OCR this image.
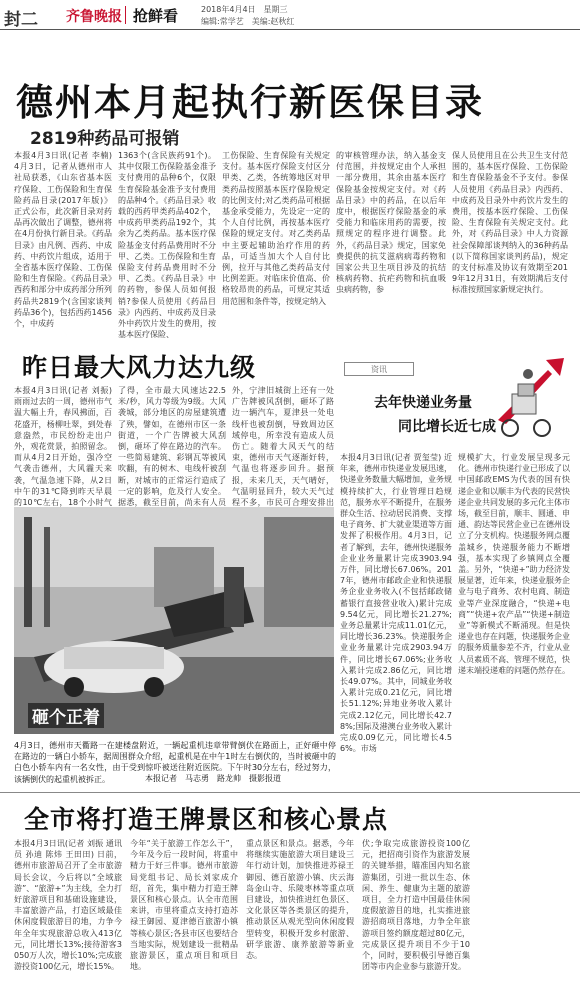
封二 齐鲁晚报 抢鲜看	2018年4月4日　星期三
编辑:常学艺　美编:赵秋红
德州本月起执行新医保目录
2819种药品可报销
本报4月3日讯(记者 李楠) 4月3日，记者从德州市人社局获悉，《山东省基本医疗保险、工伤保险和生育保险药品目录(2017年版)》正式公布，此次新目录对药品再次做出了调整，德州将在4月份执行新目录。《药品目录》由凡例、西药、中成药、中药饮片组成，适用于全省基本医疗保险、工伤保险和生育保险。《药品目录》西药和部分中成药部分所列药品共2819个(含国家谈判药品36个)，包括西药1456个，中成药
1363个(含民族药91个)。其中仅限工伤保险基金准予支付费用的品种6个，仅限生育保险基金准予支付费用的品种4个。《药品目录》收载的西药甲类药品402个，中成药甲类药品192个，其余为乙类药品。基本医疗保险基金支付药品费用时不分甲、乙类。工伤保险和生育保险支付药品费用时不分甲、乙类。《药品目录》中的药物，参保人员如何报销?参保人员使用《药品目录》内西药、中成药及目录外中药饮片发生的费用，按基本医疗保险、
工伤保险、生育保险有关规定支付。基本医疗保险支付区分甲类、乙类，各统筹地区对甲类药品按照基本医疗保险规定的比例支付;对乙类药品可根据基金承受能力，先设定一定的个人自付比例，再按基本医疗保险的规定支付。对乙类药品中主要起辅助治疗作用的药品，可适当加大个人自付比例，拉开与其他乙类药品支付比例差距。对临床价值高、价格较昂贵的药品，可规定其适用范围和条件等，按规定纳入
的审核管理办法，纳入基金支付范围，并按规定由个人承担一部分费用，其余由基本医疗保险基金按规定支付。对《药品目录》中的药品，在以后年度中，根据医疗保险基金的承受能力和临床用药的需要，按照规定的程序进行调整。此外，《药品目录》规定，国家免费提供的抗艾滋病病毒药物和国家公共卫生项目涉及的抗结核病药物、抗疟药物和抗血吸虫病药物，参
保人员使用且在公共卫生支付范围的，基本医疗保险、工伤保险和生育保险基金不予支付。参保人员使用《药品目录》内西药、中成药及目录外中药饮片发生的费用，按基本医疗保险、工伤保险、生育保险有关规定支付。此外，对《药品目录》中人力资源社会保障部谈判纳入的36种药品(以下简称国家谈判药品)，规定的支付标准及协议有效期至2019年12月31日，有效期满后支付标准按照国家新规定执行。
昨日最大风力达九级	资讯
去年快递业务量
同比增长近七成
本报4月3日讯(记者 刘振) 雨雨过去的一周，德州市气温大幅上升，春风拂面，百花盛开，杨柳吐翠，到处春意盎然，市民纷纷走出户外，观花赏景，拍照留念。而从4月2日开始，强冷空气袭击德州，大风霾天来袭，气温急速下降，从2日中午的31℃降到昨天早晨的10℃左右，18个小时气
了得，全市最大风速达22.5米/秒，风力等级为9级。大风袭城，部分地区的房屋建筑遭了殃，譬如，在德州市区一条街道，一个广告牌被大风刮倒，砸坏了停在路边的汽车。一些简易建筑、彩钢瓦等被风吹翻，有的树木、电线杆被刮断，对城市的正常运行造成了一定的影响，危及行人安全。据悉，截至目前，尚未有人员
外，宁津旧城街上还有一处广告牌被风刮倒，砸坏了路边一辆汽车，夏津县一处电线杆也被刮倒，导致周边区域停电，所幸没有造成人员伤亡。随着大风天气的结束，德州市天气逐渐好转，气温也将逐步回升。据预报，未来几天，天气晴好，气温明显回升，较大天气过程不多，市民可合理安排出
本报4月3日讯(记者 贾玺莹) 近年来，德州市快递业发展迅速，快递业务数量大幅增加，业务规模持续扩大，行业管理日趋规范，服务水平不断提升，在服务群众生活、拉动居民消费、支撑电子商务、扩大就业渠道等方面发挥了积极作用。4月3日，记者了解到，去年，德州快递服务企业业务量累计完成3903.94万件，同比增长67.06%。2017年，德州市邮政企业和快递服务企业业务收入(不包括邮政储蓄银行直接营业收入)累计完成9.54亿元，同比增长21.27%;业务总量累计完成11.01亿元，同比增长36.23%。快递服务企业业务量累计完成2903.94万件，同比增长67.06%;业务收入累计完成2.86亿元，同比增长49.07%。其中，同城业务收入累计完成0.21亿元，同比增长51.12%;异地业务收入累计完成2.12亿元，同比增长42.78%;国际及港澳台业务收入累计完成0.09亿元，同比增长4.56%。市场
规模扩大，行业发展呈现多元化。德州市快递行业已形成了以中国邮政EMS为代表的国有快递企业和以顺丰为代表的民营快递企业共同发展的多元化主体市场，截至目前，顺丰、圆通、申通、韵达等民营企业已在德州设立了分支机构。快递服务网点覆盖城乡，快递服务能力不断增强，基本实现了乡镇网点全覆盖。另外，“快递+”助力经济发展显著，近年来，快递业服务企业与电子商务、农村电商、制造业等产业深度融合，“快递+电商”“快递+农产品”“快递+制造业”等新模式不断涌现。但是快递业也存在问题，快递服务企业的服务质量参差不齐，行业从业人员素质不高、管理不规范，快递末端投递难的问题仍然存在。
砸个正着
4月3日，德州市天衢路一在建楼盘附近，一辆起重机违章带臂倒伏在路面上，正好砸中停在路边的一辆白小轿车，据周围群众介绍，起重机是在中午1时左右倒伏的，当时被砸中的白色小轿车内有一名女性，由于受到惊吓被送往附近医院。下午时30分左右，经过努力，该辆倒伏的起重机被拆正。	本报记者　马志勇　路龙帅　摄影报道
全市将打造王牌景区和核心景点
本报4月3日讯(记者 刘振 通讯员 孙迪 陈炜 王田田) 日前，德州市旅游局召开了全市旅游局长会议，今后将以“全域旅游”、“旅游+”为主线，全力打好旅游项目和基础设施建设，丰富旅游产品，打造区域最佳休闲度假旅游目的地，力争今年全年实现旅游总收入413亿元，同比增长13%;接待游客3050万人次，增长10%;完成旅游投资100亿元，增长15%。
今年“关于旅游工作怎么干”，今年及今后一段时间，将重中精力于好三件事。德州市旅游局党组书记、局长刘家成介绍，首先，集中精力打造王牌景区和核心景点。认全市范围来讲，市里将重点支持打造苏禄王御园、夏津德百旅游小镇等核心景区;各县市区也要结合当地实际，规划建设一批精品旅游景区，重点项目和项目地。
重点景区和景点。据悉，今年将继续实施旅游大项目建设三年行动计划，加快推进苏禄王御园、德百旅游小镇、庆云海岛金山寺、乐陵枣林等重点项目建设，加快推进红色景区、文化景区等各类景区的提升，推动景区从观光型向休闲度假型转变，积极开发乡村旅游、研学旅游、康养旅游等新业态。
伏;争取完成旅游投资100亿元，把招商引资作为旅游发展的关键举措，瞄准国内知名旅游集团，引进一批以生态、休闲、养生、健康为主题的旅游项目，全力打造中国最佳休闲度假旅游目的地，扎实推进旅游招商项目落地，力争全年旅游项目签约额度超过80亿元，完成景区提升项目不少于10个，同时，要积极引导德百集团等市内企业参与旅游开发。
